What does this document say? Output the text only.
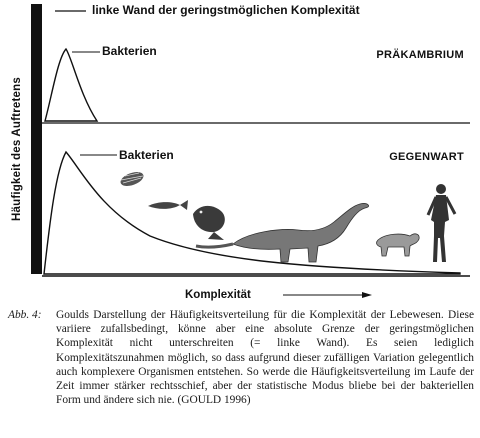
Häufigkeit des Auftretens
linke Wand der geringstmöglichen Komplexität
Bakterien	PRÄKAMBRIUM
Bakterien	GEGENWART
Komplexität
Abb. 4: Goulds Darstellung der Häufigkeitsverteilung für die Komplexität der Lebewesen. Diese variiere zufallsbedingt, könne aber eine absolute Grenze der geringstmöglichen Komplexität nicht unterschreiten (= linke Wand). Es seien lediglich Komplexitätszunahmen möglich, so dass aufgrund dieser zufälligen Variation gelegentlich auch komplexere Organismen entstehen. So werde die Häufigkeitsverteilung im Laufe der Zeit immer stärker rechtsschief, aber der statistische Modus bliebe bei der bakteriellen Form und ändere sich nie. (GOULD 1996)
